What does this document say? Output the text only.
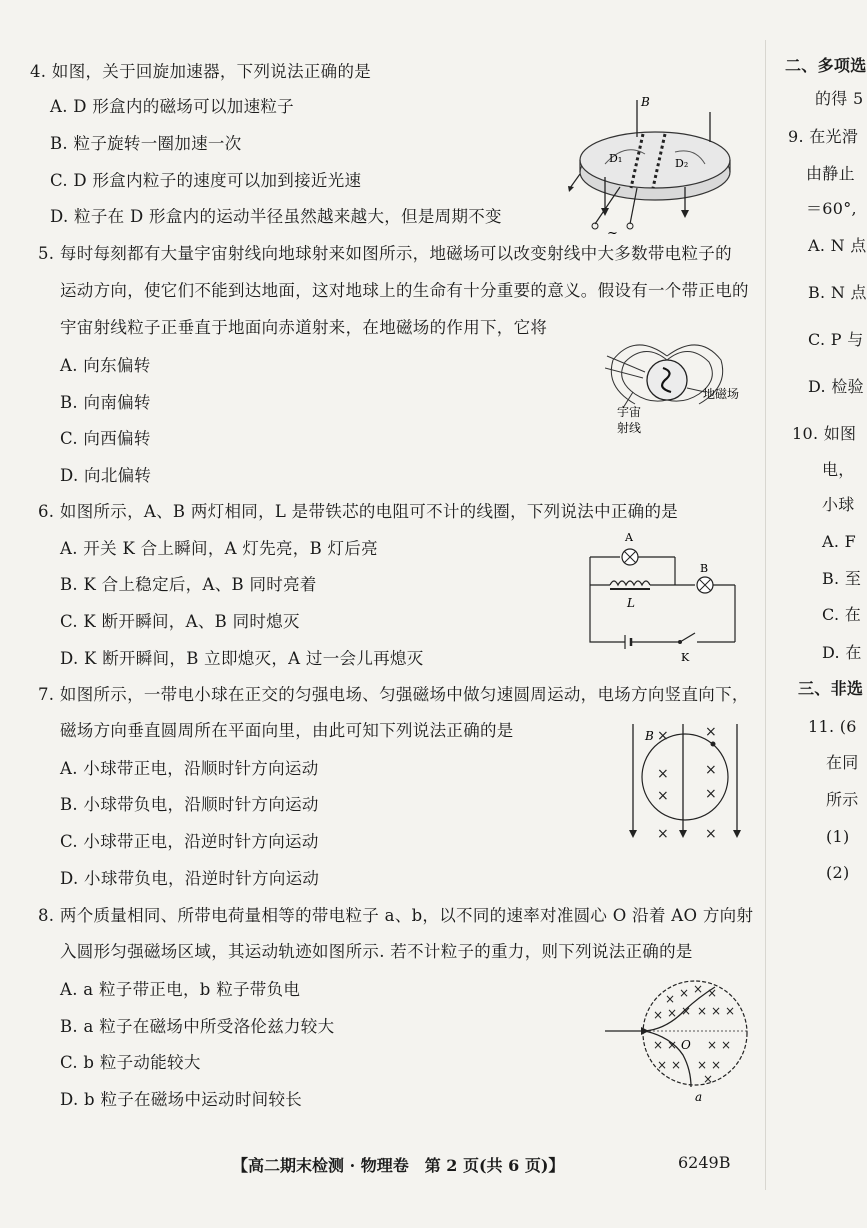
4. 如图，关于回旋加速器，下列说法正确的是
A. D 形盒内的磁场可以加速粒子
B. 粒子旋转一圈加速一次
C. D 形盒内粒子的速度可以加到接近光速
D. 粒子在 D 形盒内的运动半径虽然越来越大，但是周期不变
B
D₁	D₂
~
5. 每时每刻都有大量宇宙射线向地球射来如图所示，地磁场可以改变射线中大多数带电粒子的
运动方向，使它们不能到达地面，这对地球上的生命有十分重要的意义。假设有一个带正电的
宇宙射线粒子正垂直于地面向赤道射来，在地磁场的作用下，它将
A. 向东偏转
B. 向南偏转
C. 向西偏转
D. 向北偏转
地磁场
宇宙
射线
6. 如图所示，A、B 两灯相同，L 是带铁芯的电阻可不计的线圈，下列说法中正确的是
A. 开关 K 合上瞬间，A 灯先亮，B 灯后亮
B. K 合上稳定后，A、B 同时亮着
C. K 断开瞬间，A、B 同时熄灭
D. K 断开瞬间，B 立即熄灭，A 过一会儿再熄灭
A
B
L
K
7. 如图所示，一带电小球在正交的匀强电场、匀强磁场中做匀速圆周运动，电场方向竖直向下，
磁场方向垂直圆周所在平面向里，由此可知下列说法正确的是
A. 小球带正电，沿顺时针方向运动
B. 小球带负电，沿顺时针方向运动
C. 小球带正电，沿逆时针方向运动
D. 小球带负电，沿逆时针方向运动
×	×
×	×
×	×
×	×
B
8. 两个质量相同、所带电荷量相等的带电粒子 a、b，以不同的速率对准圆心 O 沿着 AO 方向射
入圆形匀强磁场区域，其运动轨迹如图所示. 若不计粒子的重力，则下列说法正确的是
A. a 粒子带正电，b 粒子带负电
B. a 粒子在磁场中所受洛伦兹力较大
C. b 粒子动能较大
D. b 粒子在磁场中运动时间较长
× × × ×
× × × × × ×
× × × ×
× × × ×
×
O
a
二、多项选
的得 5
9. 在光滑
由静止
＝60°,
A. N 点
B. N 点
C. P 与
D. 检验
10. 如图
电，
小球
A. F
B. 至
C. 在
D. 在
三、非选
11. (6
在同
所示
(1)
(2)
【高二期末检测 · 物理卷　第 2 页(共 6 页)】	6249B
